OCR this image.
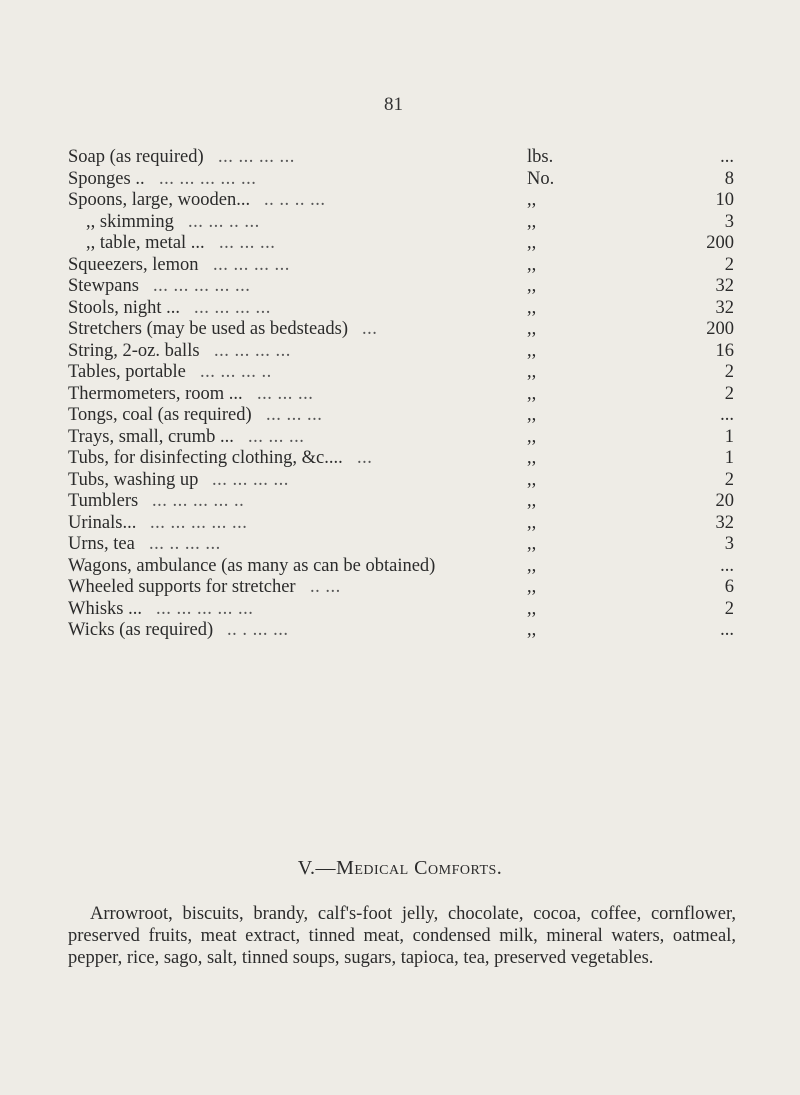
81
Soap (as required) ... ... ... ...	lbs.	...
Sponges .. ... ... ... ... ...	No.	8
Spoons, large, wooden... .. .. .. ...	,,	10
,, skimming ... ... .. ...	,,	3
,, table, metal ... ... ... ...	,,	200
Squeezers, lemon ... ... ... ...	,,	2
Stewpans ... ... ... ... ...	,,	32
Stools, night ... ... ... ... ...	,,	32
Stretchers (may be used as bedsteads) ...	,,	200
String, 2-oz. balls ... ... ... ...	,,	16
Tables, portable ... ... ... ..	,,	2
Thermometers, room ... ... ... ...	,,	2
Tongs, coal (as required) ... ... ...	,,	...
Trays, small, crumb ... ... ... ...	,,	1
Tubs, for disinfecting clothing, &c.... ...	,,	1
Tubs, washing up ... ... ... ...	,,	2
Tumblers ... ... ... ... ..	,,	20
Urinals... ... ... ... ... ...	,,	32
Urns, tea ... .. ... ...	,,	3
Wagons, ambulance (as many as can be obtained)	,,	...
Wheeled supports for stretcher .. ...	,,	6
Whisks ... ... ... ... ... ...	,,	2
Wicks (as required) .. . ... ...	,,	...
V.—Medical Comforts.
Arrowroot, biscuits, brandy, calf's-foot jelly, chocolate, cocoa, coffee, cornflower, preserved fruits, meat extract, tinned meat, condensed milk, mineral waters, oatmeal, pepper, rice, sago, salt, tinned soups, sugars, tapioca, tea, preserved vegetables.
